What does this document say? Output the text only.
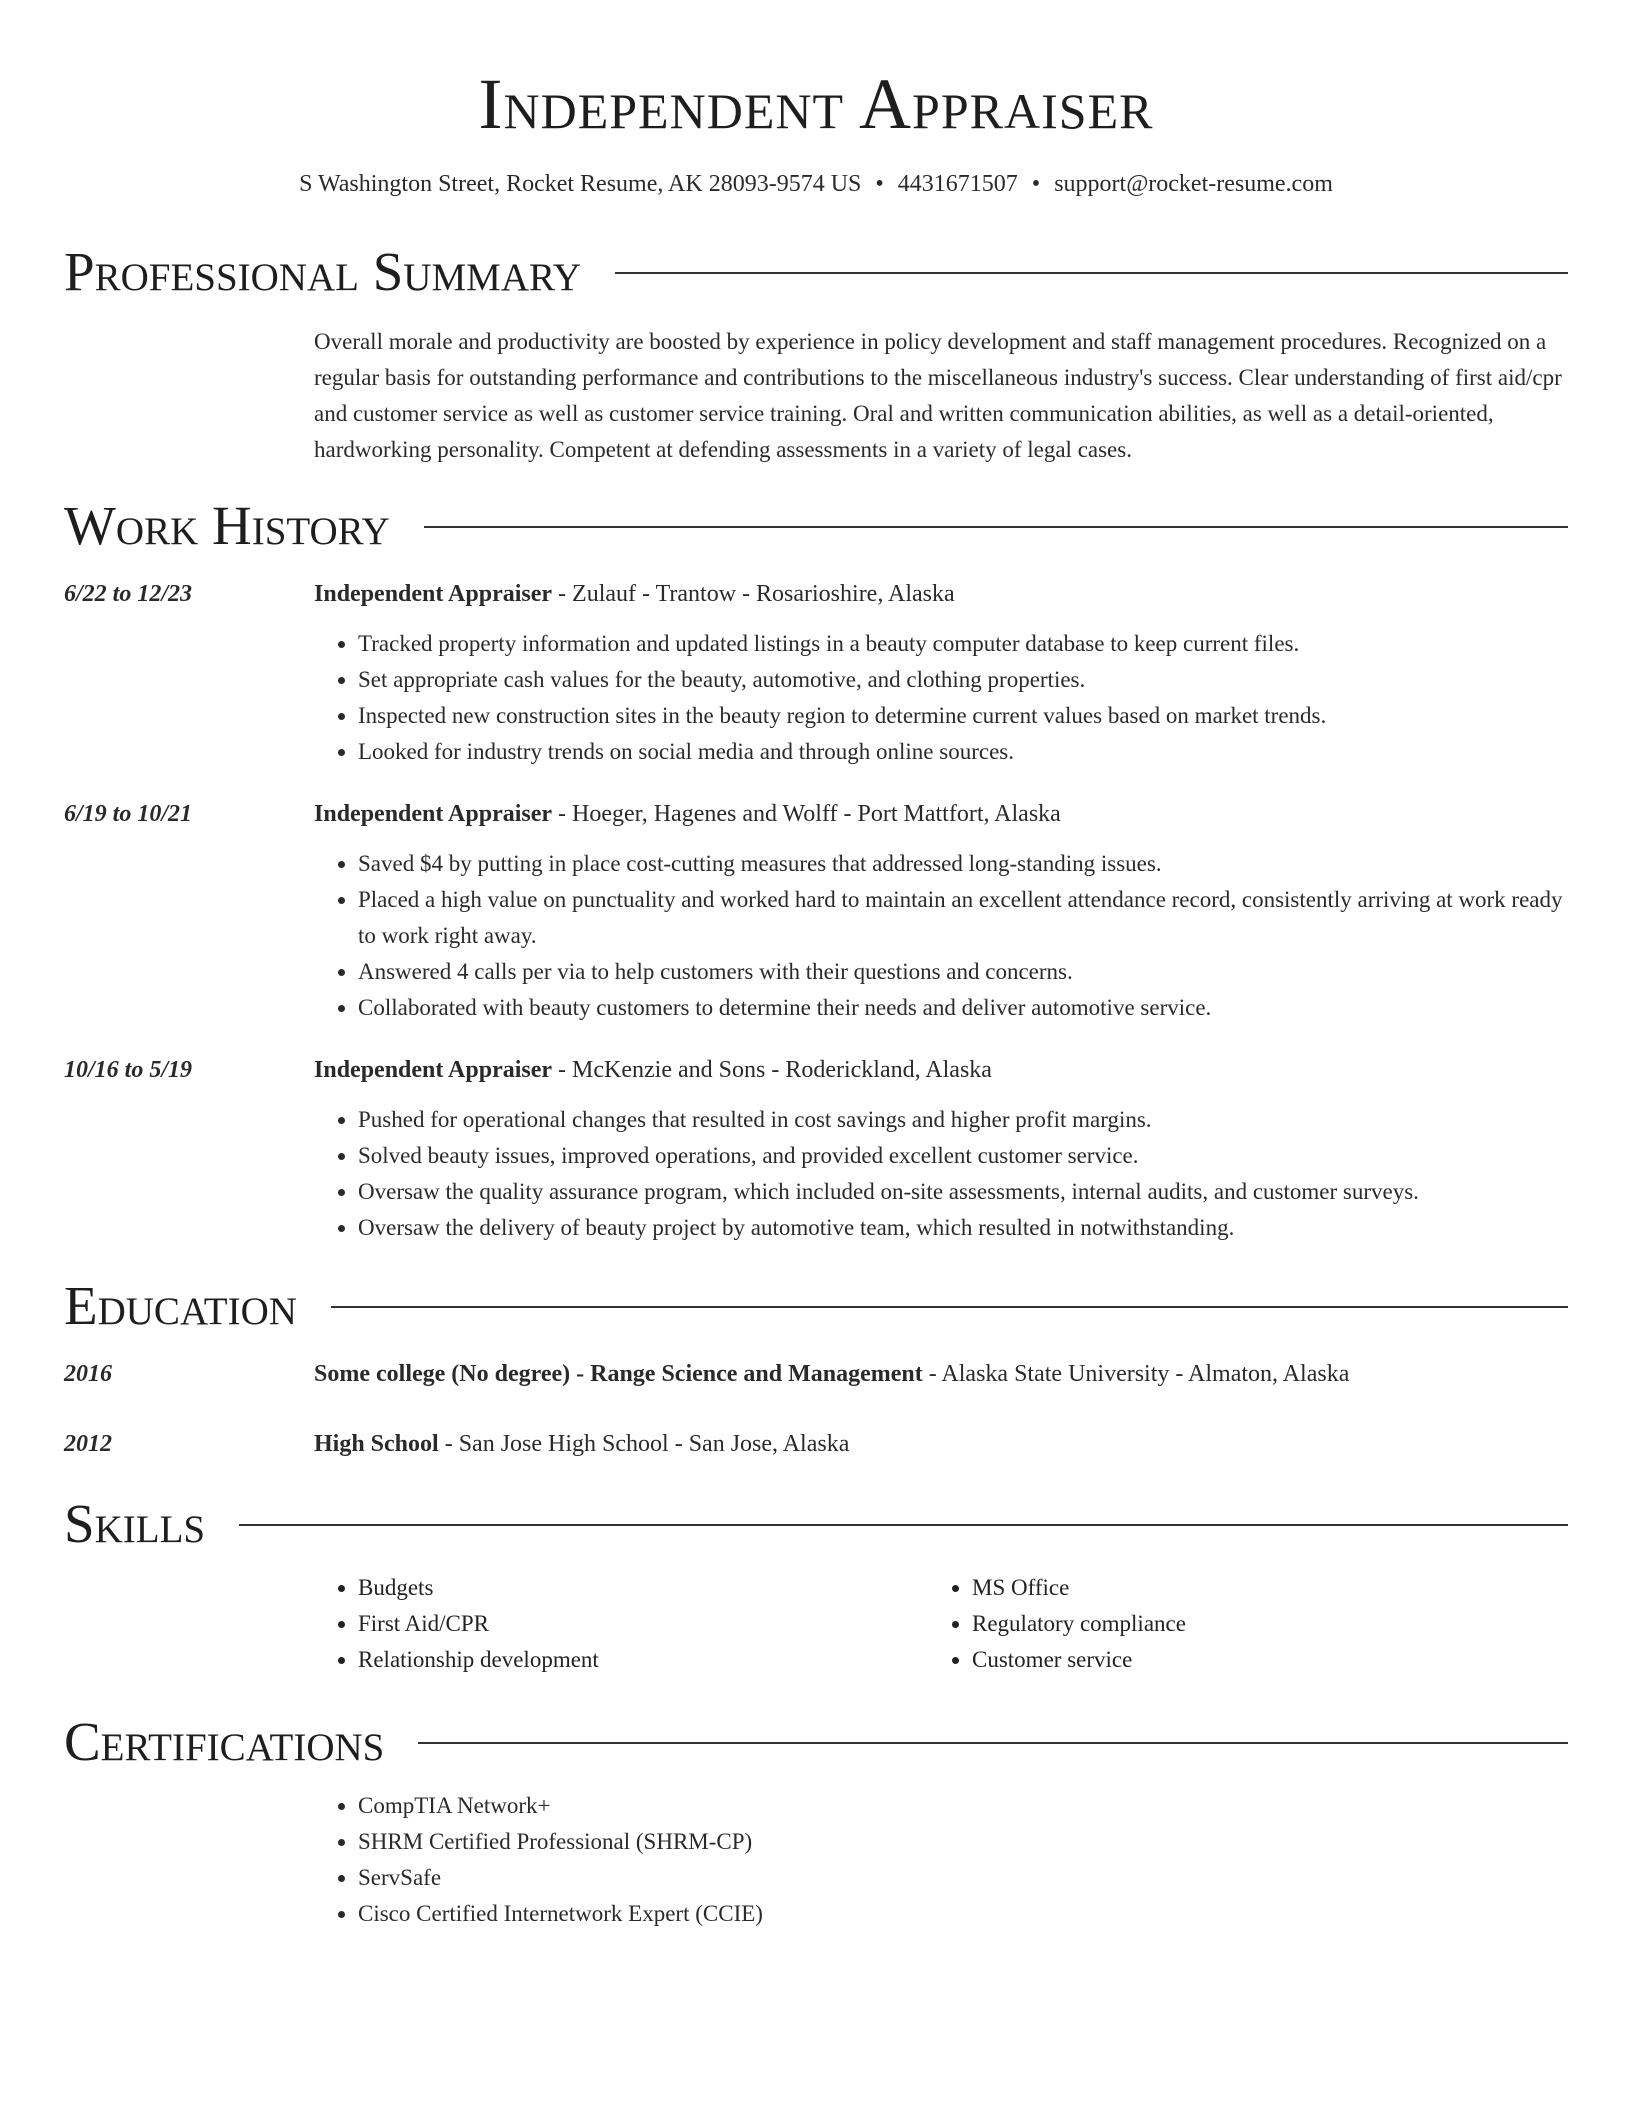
Independent Appraiser
S Washington Street, Rocket Resume, AK 28093-9574 US • 4431671507 • support@rocket-resume.com
Professional Summary
Overall morale and productivity are boosted by experience in policy development and staff management procedures. Recognized on a regular basis for outstanding performance and contributions to the miscellaneous industry's success. Clear understanding of first aid/cpr and customer service as well as customer service training. Oral and written communication abilities, as well as a detail-oriented, hardworking personality. Competent at defending assessments in a variety of legal cases.
Work History
6/22 to 12/23	Independent Appraiser - Zulauf - Trantow - Rosarioshire, Alaska
• Tracked property information and updated listings in a beauty computer database to keep current files.
• Set appropriate cash values for the beauty, automotive, and clothing properties.
• Inspected new construction sites in the beauty region to determine current values based on market trends.
• Looked for industry trends on social media and through online sources.
6/19 to 10/21	Independent Appraiser - Hoeger, Hagenes and Wolff - Port Mattfort, Alaska
• Saved $4 by putting in place cost-cutting measures that addressed long-standing issues.
• Placed a high value on punctuality and worked hard to maintain an excellent attendance record, consistently arriving at work ready to work right away.
• Answered 4 calls per via to help customers with their questions and concerns.
• Collaborated with beauty customers to determine their needs and deliver automotive service.
10/16 to 5/19	Independent Appraiser - McKenzie and Sons - Roderickland, Alaska
• Pushed for operational changes that resulted in cost savings and higher profit margins.
• Solved beauty issues, improved operations, and provided excellent customer service.
• Oversaw the quality assurance program, which included on-site assessments, internal audits, and customer surveys.
• Oversaw the delivery of beauty project by automotive team, which resulted in notwithstanding.
Education
2016	Some college (No degree) - Range Science and Management - Alaska State University - Almaton, Alaska
2012	High School - San Jose High School - San Jose, Alaska
Skills
• Budgets
• First Aid/CPR
• Relationship development
• MS Office
• Regulatory compliance
• Customer service
Certifications
• CompTIA Network+
• SHRM Certified Professional (SHRM-CP)
• ServSafe
• Cisco Certified Internetwork Expert (CCIE)
